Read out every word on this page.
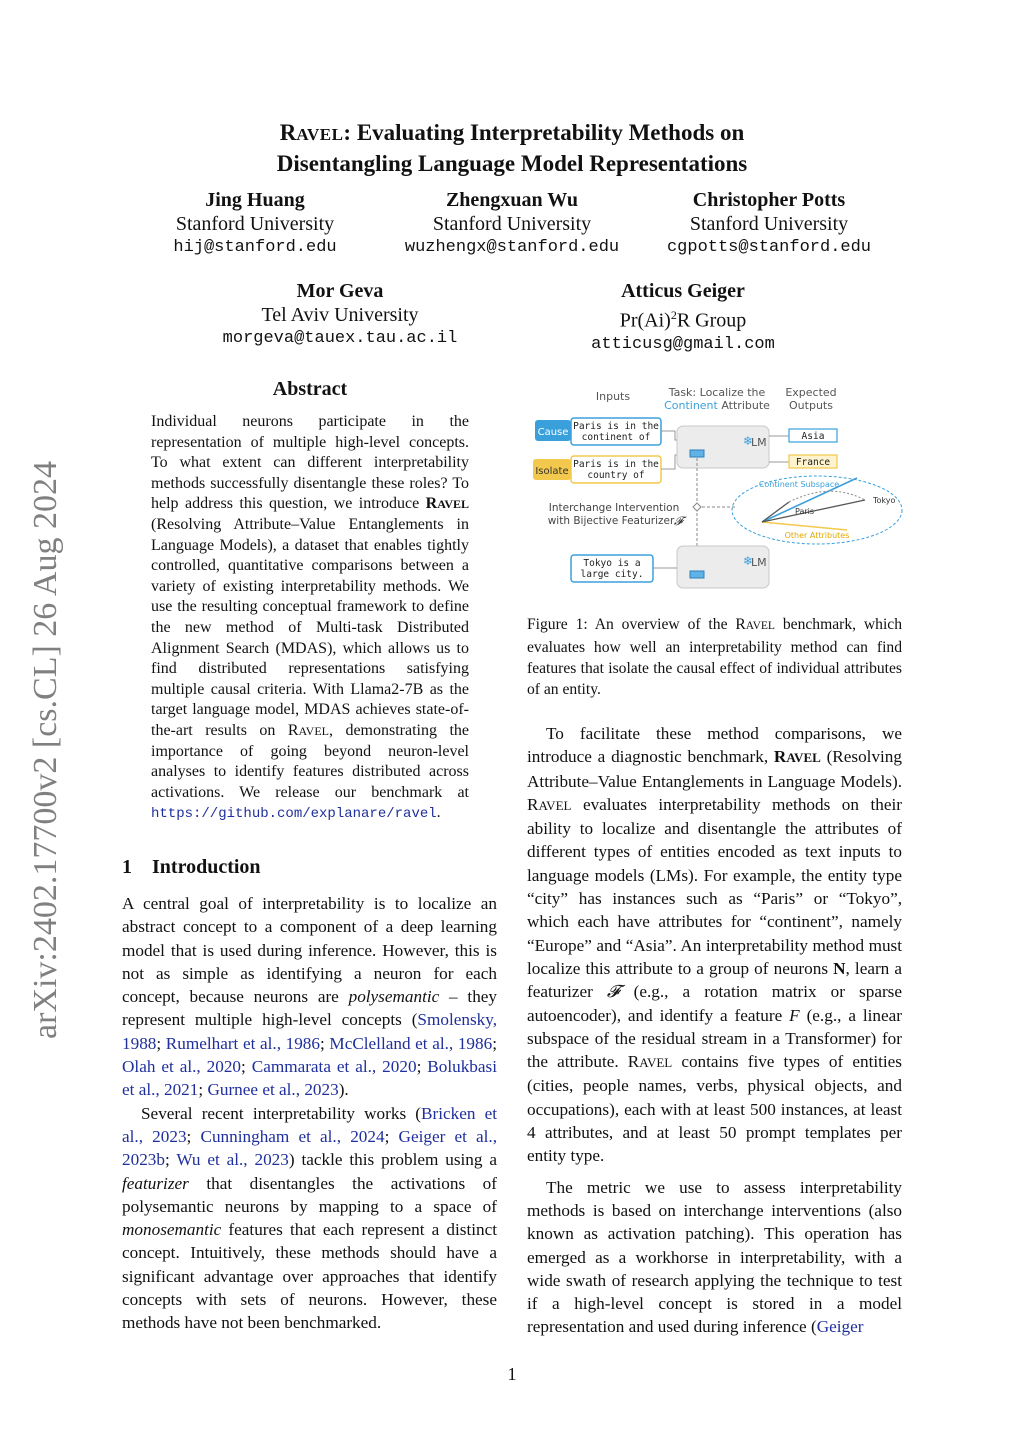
arXiv:2402.17700v2 [cs.CL] 26 Aug 2024
RAVEL: Evaluating Interpretability Methods on
Disentangling Language Model Representations
Jing Huang
Stanford University
hij@stanford.edu
Zhengxuan Wu
Stanford University
wuzhengx@stanford.edu
Christopher Potts
Stanford University
cgpotts@stanford.edu
Mor Geva
Tel Aviv University
morgeva@tauex.tau.ac.il
Atticus Geiger
$Pr(Ai)^2R$ Group
atticusg@gmail.com
Abstract
Individual neurons participate in the representation of multiple high-level concepts. To what extent can different interpretability methods successfully disentangle these roles? To help address this question, we introduce RAVEL (Resolving Attribute–Value Entanglements in Language Models), a dataset that enables tightly controlled, quantitative comparisons between a variety of existing interpretability methods. We use the resulting conceptual framework to define the new method of Multi-task Distributed Alignment Search (MDAS), which allows us to find distributed representations satisfying multiple causal criteria. With Llama2-7B as the target language model, MDAS achieves state-of-the-art results on RAVEL, demonstrating the importance of going beyond neuron-level analyses to identify features distributed across activations. We release our benchmark at https://github.com/explanare/ravel.
1 Introduction

A central goal of interpretability is to localize an abstract concept to a component of a deep learning model that is used during inference. However, this is not as simple as identifying a neuron for each concept, because neurons are polysemantic – they represent multiple high-level concepts (Smolensky, 1988; Rumelhart et al., 1986; McClelland et al., 1986; Olah et al., 2020; Cammarata et al., 2020; Bolukbasi et al., 2021; Gurnee et al., 2023).

Several recent interpretability works (Bricken et al., 2023; Cunningham et al., 2024; Geiger et al., 2023b; Wu et al., 2023) tackle this problem using a featurizer that disentangles the activations of polysemantic neurons by mapping to a space of monosemantic features that each represent a distinct concept. Intuitively, these methods should have a significant advantage over approaches that identify concepts with sets of neurons. However, these methods have not been benchmarked.

Inputs	Task: Localize the
Continent Attribute
Expected
Outputs
Cause
Paris is in the
continent of
Isolate
Paris is in the
country of
❄
LM	Asia
France
Continent Subspace
Other Attributes
Paris
Tokyo
Interchange Intervention
with Bijective Featurizer 𝓕
❄
LM
Tokyo is a
large city.
Figure 1: An overview of the RAVEL benchmark, which evaluates how well an interpretability method can find features that isolate the causal effect of individual attributes of an entity.

To facilitate these method comparisons, we introduce a diagnostic benchmark, RAVEL (Resolving Attribute–Value Entanglements in Language Models). RAVEL evaluates interpretability methods on their ability to localize and disentangle the attributes of different types of entities encoded as text inputs to language models (LMs). For example, the entity type “city” has instances such as “Paris” or “Tokyo”, which each have attributes for “continent”, namely “Europe” and “Asia”. An interpretability method must localize this attribute to a group of neurons N, learn a featurizer 𝓕 (e.g., a rotation matrix or sparse autoencoder), and identify a feature F (e.g., a linear subspace of the residual stream in a Transformer) for the attribute. RAVEL contains five types of entities (cities, people names, verbs, physical objects, and occupations), each with at least 500 instances, at least 4 attributes, and at least 50 prompt templates per entity type.

The metric we use to assess interpretability methods is based on interchange interventions (also known as activation patching). This operation has emerged as a workhorse in interpretability, with a wide swath of research applying the technique to test if a high-level concept is stored in a model representation and used during inference (Geiger

1
